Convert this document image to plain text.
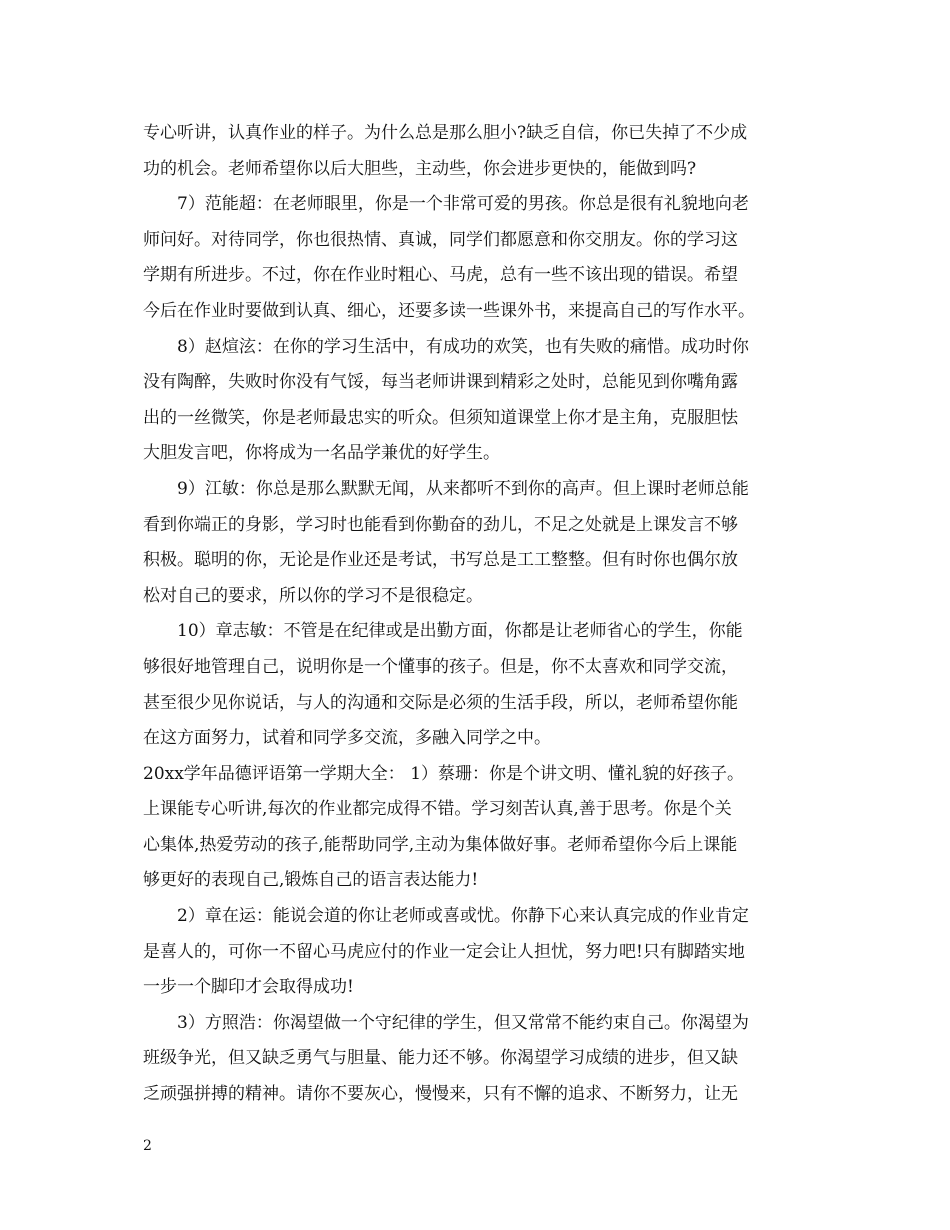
专心听讲，认真作业的样子。为什么总是那么胆小?缺乏自信，你已失掉了不少成
功的机会。老师希望你以后大胆些，主动些，你会进步更快的，能做到吗?
7）范能超：在老师眼里，你是一个非常可爱的男孩。你总是很有礼貌地向老
师问好。对待同学，你也很热情、真诚，同学们都愿意和你交朋友。你的学习这
学期有所进步。不过，你在作业时粗心、马虎，总有一些不该出现的错误。希望
今后在作业时要做到认真、细心，还要多读一些课外书，来提高自己的写作水平。
8）赵煊泫：在你的学习生活中，有成功的欢笑，也有失败的痛惜。成功时你
没有陶醉，失败时你没有气馁，每当老师讲课到精彩之处时，总能见到你嘴角露
出的一丝微笑，你是老师最忠实的听众。但须知道课堂上你才是主角，克服胆怯
大胆发言吧，你将成为一名品学兼优的好学生。
9）江敏：你总是那么默默无闻，从来都听不到你的高声。但上课时老师总能
看到你端正的身影，学习时也能看到你勤奋的劲儿，不足之处就是上课发言不够
积极。聪明的你，无论是作业还是考试，书写总是工工整整。但有时你也偶尔放
松对自己的要求，所以你的学习不是很稳定。
10）章志敏：不管是在纪律或是出勤方面，你都是让老师省心的学生，你能
够很好地管理自己，说明你是一个懂事的孩子。但是，你不太喜欢和同学交流，
甚至很少见你说话，与人的沟通和交际是必须的生活手段，所以，老师希望你能
在这方面努力，试着和同学多交流，多融入同学之中。
20xx学年品德评语第一学期大全： 1）蔡珊：你是个讲文明、懂礼貌的好孩子。
上课能专心听讲,每次的作业都完成得不错。学习刻苦认真,善于思考。你是个关
心集体,热爱劳动的孩子,能帮助同学,主动为集体做好事。老师希望你今后上课能
够更好的表现自己,锻炼自己的语言表达能力!
2）章在运：能说会道的你让老师或喜或忧。你静下心来认真完成的作业肯定
是喜人的，可你一不留心马虎应付的作业一定会让人担忧，努力吧!只有脚踏实地
一步一个脚印才会取得成功!
3）方照浩：你渴望做一个守纪律的学生，但又常常不能约束自己。你渴望为
班级争光，但又缺乏勇气与胆量、能力还不够。你渴望学习成绩的进步，但又缺
乏顽强拼搏的精神。请你不要灰心，慢慢来，只有不懈的追求、不断努力，让无
2
